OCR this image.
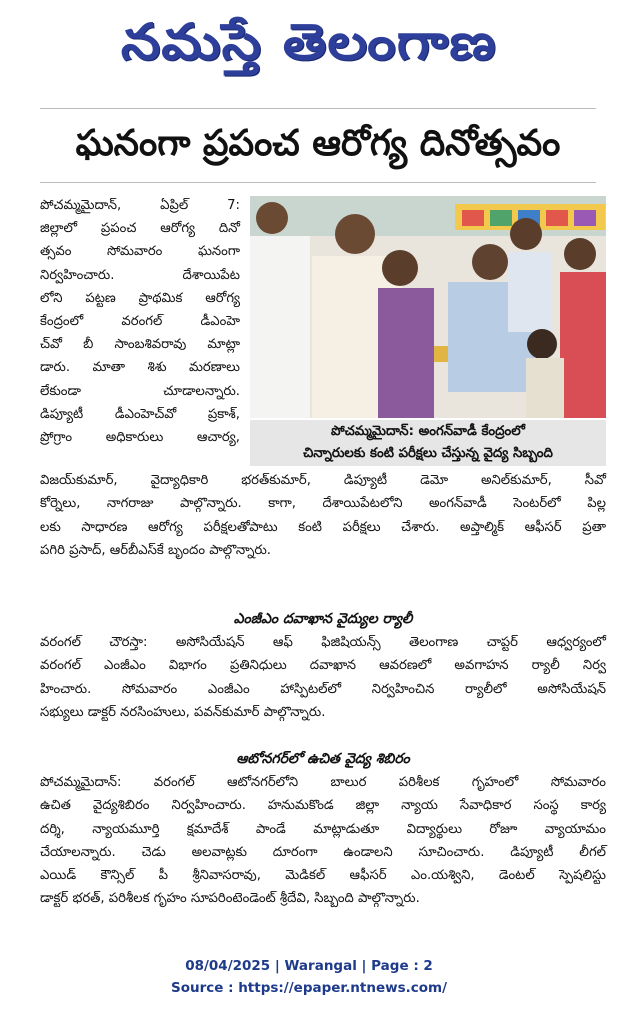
నమస్తే తెలంగాణ
ఘనంగా ప్రపంచ ఆరోగ్య దినోత్సవం
పోచమ్మమైదాన్, ఏప్రిల్ 7:
జిల్లాలో ప్రపంచ ఆరోగ్య దినో
త్సవం సోమవారం ఘనంగా
నిర్వహించారు. దేశాయిపేట
లోని పట్టణ ప్రాథమిక ఆరోగ్య
కేంద్రంలో వరంగల్ డీఎంహె
చ్‌వో బీ సాంబశివరావు మాట్లా
డారు. మాతా శిశు మరణాలు
లేకుండా చూడాలన్నారు.
డిప్యూటీ డీఎంహెచ్‌వో ప్రకాశ్,
ప్రోగ్రాం అధికారులు ఆచార్య,	పోచమ్మమైదాన్: అంగన్‌వాడీ కేంద్రంలో
చిన్నారులకు కంటి పరీక్షలు చేస్తున్న వైద్య సిబ్బంది
విజయ్‌కుమార్, వైద్యాధికారి భరత్‌కుమార్, డిప్యూటీ డెమో అనిల్‌కుమార్, సీవో
కోర్నెలు, నాగరాజు పాల్గొన్నారు. కాగా, దేశాయిపేటలోని అంగన్‌వాడీ సెంటర్‌లో పిల్ల
లకు సాధారణ ఆరోగ్య పరీక్షలతోపాటు కంటి పరీక్షలు చేశారు. అప్తాల్మిక్ ఆఫీసర్ ప్రతా
పగిరి ప్రసాద్, ఆర్‌బీఎస్‌కే బృందం పాల్గొన్నారు.
ఎంజీఎం దవాఖాన వైద్యుల ర్యాలీ
వరంగల్ చౌరస్తా: అసోసియేషన్ ఆఫ్ ఫిజిషియన్స్ తెలంగాణ చాప్టర్ ఆధ్వర్యంలో
వరంగల్ ఎంజీఎం విభాగం ప్రతినిధులు దవాఖాన ఆవరణలో అవగాహన ర్యాలీ నిర్వ
హించారు. సోమవారం ఎంజీఎం హాస్పిటల్‌లో నిర్వహించిన ర్యాలీలో అసోసియేషన్
సభ్యులు డాక్టర్ నరసింహులు, పవన్‌కుమార్ పాల్గొన్నారు.
ఆటోనగర్‌లో ఉచిత వైద్య శిబిరం
పోచమ్మమైదాన్: వరంగల్ ఆటోనగర్‌లోని బాలుర పరిశీలక గృహంలో సోమవారం
ఉచిత వైద్యశిబిరం నిర్వహించారు. హనుమకొండ జిల్లా న్యాయ సేవాధికార సంస్థ కార్య
దర్శి, న్యాయమూర్తి క్షమాదేశ్ పాండే మాట్లాడుతూ విద్యార్థులు రోజూ వ్యాయామం
చేయాలన్నారు. చెడు అలవాట్లకు దూరంగా ఉండాలని సూచించారు. డిప్యూటీ లీగల్
ఎయిడ్ కౌన్సిల్ పీ శ్రీనివాసరావు, మెడికల్ ఆఫీసర్ ఎం.యశ్విని, డెంటల్ స్పెషలిస్టు
డాక్టర్ భరత్, పరిశీలక గృహం సూపరింటెండెంట్ శ్రీదేవి, సిబ్బంది పాల్గొన్నారు.
08/04/2025 | Warangal | Page : 2
Source : https://epaper.ntnews.com/
